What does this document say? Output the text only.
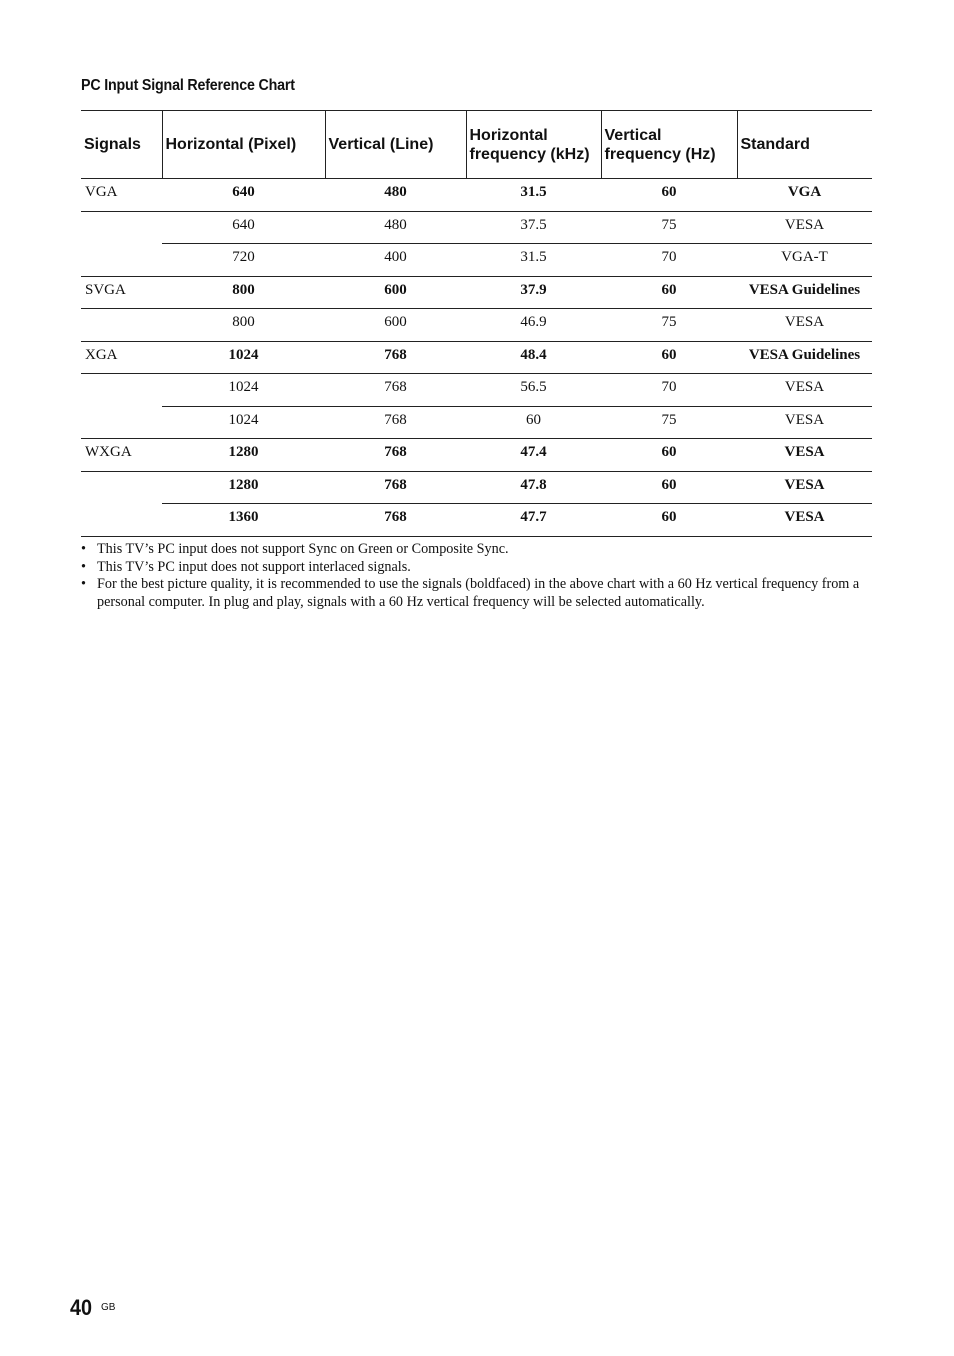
PC Input Signal Reference Chart
Signals	Horizontal (Pixel)	Vertical (Line)	Horizontal frequency (kHz)	Vertical frequency (Hz)	Standard
VGA	640	480	31.5	60	VGA
	640	480	37.5	75	VESA
	720	400	31.5	70	VGA-T
SVGA	800	600	37.9	60	VESA Guidelines
	800	600	46.9	75	VESA
XGA	1024	768	48.4	60	VESA Guidelines
	1024	768	56.5	70	VESA
	1024	768	60	75	VESA
WXGA	1280	768	47.4	60	VESA
	1280	768	47.8	60	VESA
	1360	768	47.7	60	VESA
• This TV’s PC input does not support Sync on Green or Composite Sync.
• This TV’s PC input does not support interlaced signals.
• For the best picture quality, it is recommended to use the signals (boldfaced) in the above chart with a 60 Hz vertical frequency from a personal computer. In plug and play, signals with a 60 Hz vertical frequency will be selected automatically.
40 GB
